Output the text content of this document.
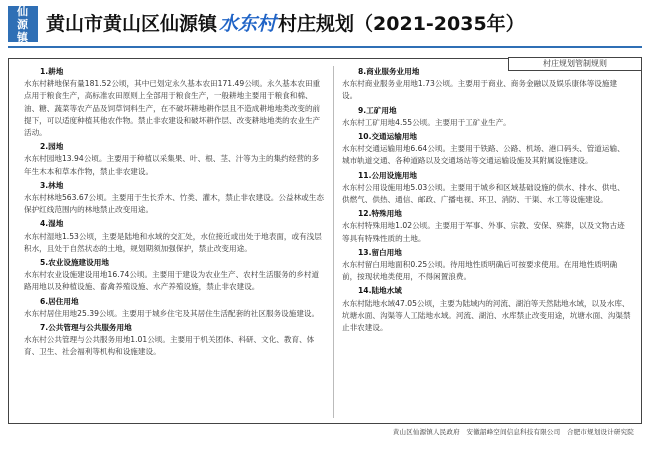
仙
源
镇
黄山市黄山区仙源镇 水东村 村庄规划（2021-2035年）
村庄规划管制规则
1.耕地
水东村耕地保有量181.52公顷，其中已划定永久基本农田171.49公顷。永久基本农田重点用于粮食生产，高标准农田原则上全部用于粮食生产，一般耕地主要用于粮食和棉、油、糖、蔬菜等农产品及饲草饲料生产，在不破坏耕地耕作层且不造成耕地地类改变的前提下，可以适度种植其他农作物。禁止非农建设和破坏耕作层、改变耕地地类的农业生产活动。
2.园地
水东村园地13.94公顷。主要用于种植以采集果、叶、根、茎、汁等为主的集约经营的多年生木本和草本作物，禁止非农建设。
3.林地
水东村林地563.67公顷。主要用于生长乔木、竹类、灌木，禁止非农建设。公益林或生态保护红线范围内的林地禁止改变用途。
4.湿地
水东村湿地1.53公顷，主要是陆地和水域的交汇处，水位接近或出处于地表面，或有浅层积水，且处于自然状态的土地，规划期须加强保护，禁止改变用途。
5.农业设施建设用地
水东村农业设施建设用地16.74公顷。主要用于建设为农业生产、农村生活服务的乡村道路用地以及种植设施、畜禽养殖设施、水产养殖设施，禁止非农建设。
6.居住用地
水东村居住用地25.39公顷。主要用于城乡住宅及其居住生活配套的社区服务设施建设。
7.公共管理与公共服务用地
水东村公共管理与公共服务用地1.01公顷。主要用于机关团体、科研、文化、教育、体育、卫生、社会福利等机构和设施建设。
8.商业服务业用地
水东村商业服务业用地1.73公顷。主要用于商业、商务金融以及娱乐康体等设施建设。
9.工矿用地
水东村工矿用地4.55公顷。主要用于工矿业生产。
10.交通运输用地
水东村交通运输用地6.64公顷。主要用于铁路、公路、机场、港口码头、管道运输、城市轨道交通、各种道路以及交通场站等交通运输设施及其附属设施建设。
11.公用设施用地
水东村公用设施用地5.03公顷。主要用于城乡和区域基础设施的供水、排水、供电、供燃气、供热、通信、邮政、广播电视、环卫、消防、干渠、水工等设施建设。
12.特殊用地
水东村特殊用地1.02公顷。主要用于军事、外事、宗教、安保、殡葬，以及文物古迹等具有特殊性质的土地。
13.留白用地
水东村留白用地面积0.25公顷。待用地性质明确后可按要求使用。在用地性质明确前，按现状地类使用，不得闲置浪费。
14.陆地水域
水东村陆地水域47.05公顷，主要为陆域内的河流、湖泊等天然陆地水域，以及水库、坑塘水面、沟渠等人工陆地水域。河流、湖泊、水库禁止改变用途，坑塘水面、沟渠禁止非农建设。
黄山区仙源镇人民政府　安徽韶峰空间信息科技有限公司　合肥市规划设计研究院
